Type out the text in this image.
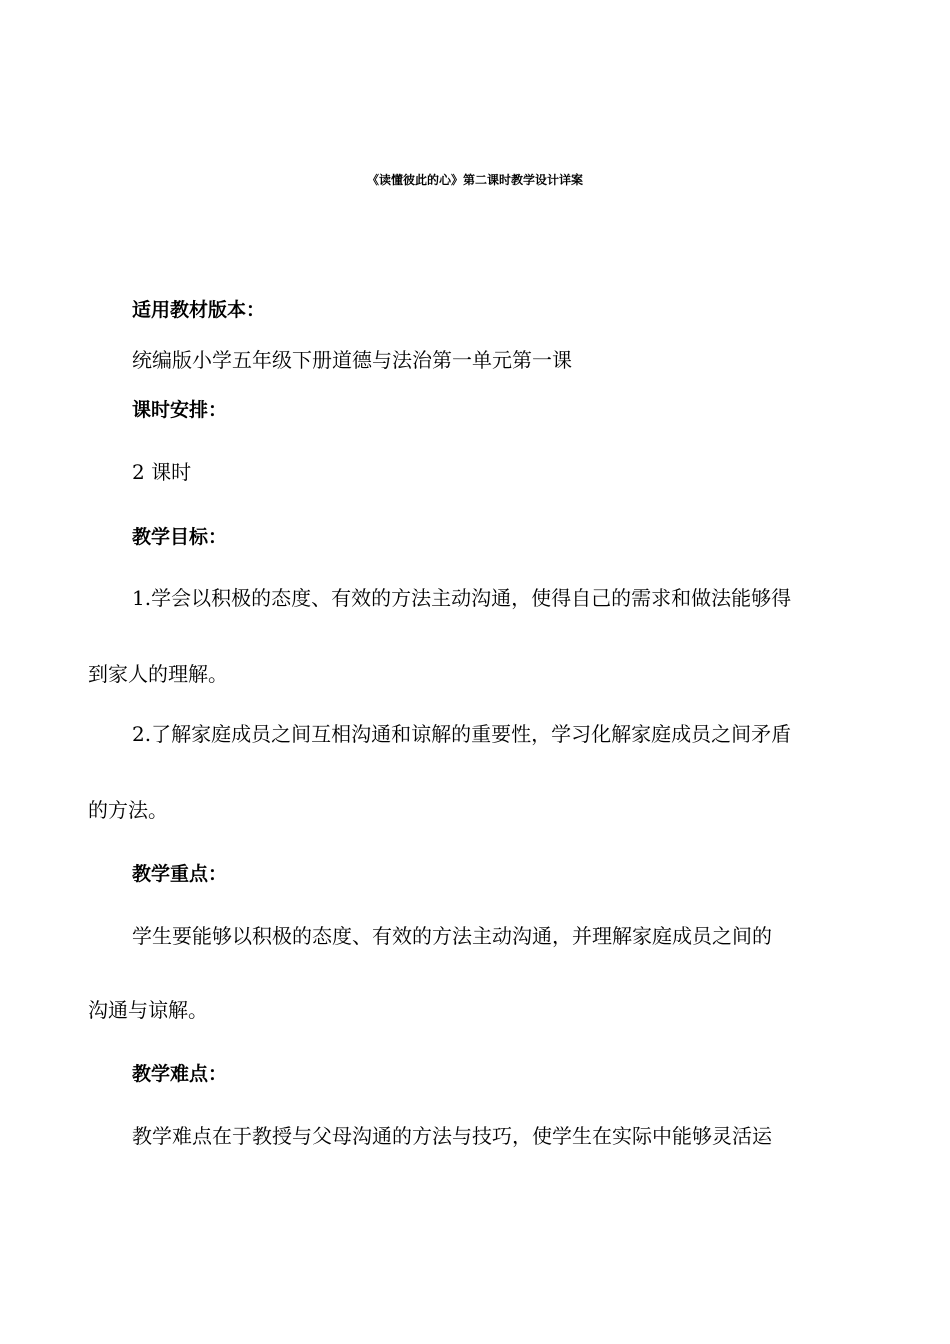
《读懂彼此的心》第二课时教学设计详案
适用教材版本：
统编版小学五年级下册道德与法治第一单元第一课
课时安排：
2 课时
教学目标：
1.学会以积极的态度、有效的方法主动沟通，使得自己的需求和做法能够得
到家人的理解。
2.了解家庭成员之间互相沟通和谅解的重要性，学习化解家庭成员之间矛盾
的方法。
教学重点：
学生要能够以积极的态度、有效的方法主动沟通，并理解家庭成员之间的
沟通与谅解。
教学难点：
教学难点在于教授与父母沟通的方法与技巧，使学生在实际中能够灵活运
